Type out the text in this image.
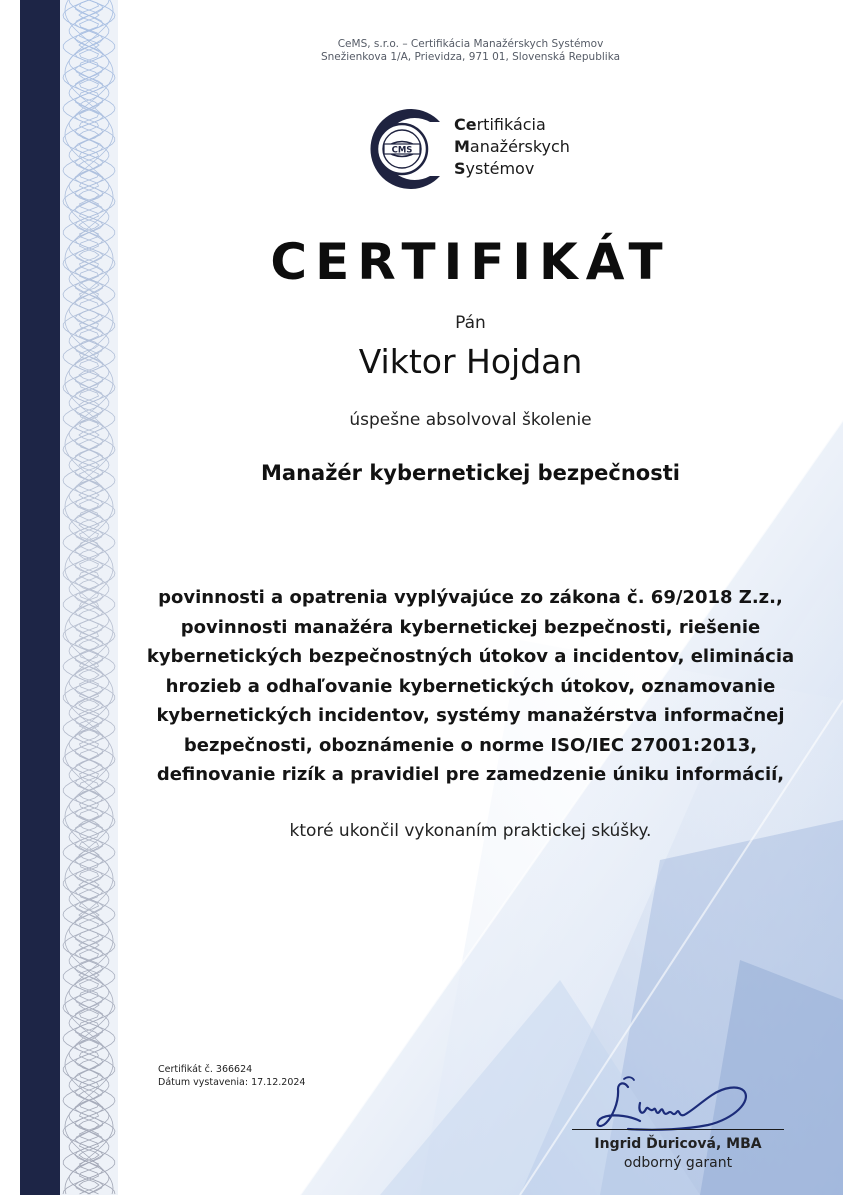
CeMS, s.r.o. – Certifikácia Manažérskych Systémov
Snežienkova 1/A, Prievidza, 971 01, Slovenská Republika
CMS
Certifikácia
Manažérskych
Systémov
CERTIFIKÁT
Pán
Viktor Hojdan
úspešne absolvoval školenie
Manažér kybernetickej bezpečnosti
povinnosti a opatrenia vyplývajúce zo zákona č. 69/2018 Z.z., povinnosti manažéra kybernetickej bezpečnosti, riešenie kybernetických bezpečnostných útokov a incidentov, eliminácia hrozieb a odhaľovanie kybernetických útokov, oznamovanie kybernetických incidentov, systémy manažérstva informačnej bezpečnosti, oboznámenie o norme ISO/IEC 27001:2013, definovanie rizík a pravidiel pre zamedzenie úniku informácií,
ktoré ukončil vykonaním praktickej skúšky.
Certifikát č. 366624
Dátum vystavenia: 17.12.2024
Ingrid Ďuricová, MBA
odborný garant
